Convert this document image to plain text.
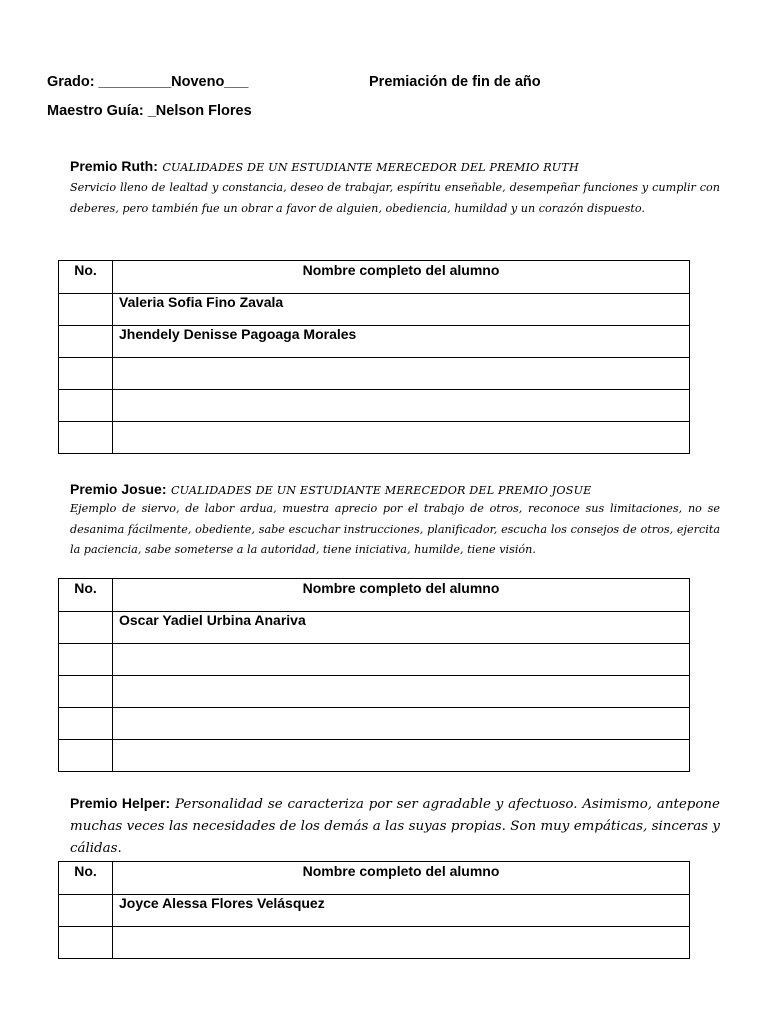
Grado: _________Noveno___	Premiación de fin de año
Maestro Guía: _Nelson Flores
Premio Ruth: CUALIDADES DE UN ESTUDIANTE MERECEDOR DEL PREMIO RUTH
Servicio lleno de lealtad y constancia, deseo de trabajar, espíritu enseñable, desempeñar funciones y cumplir con deberes, pero también fue un obrar a favor de alguien, obediencia, humildad y un corazón dispuesto.
No.	Nombre completo del alumno
	Valeria Sofia Fino Zavala
	Jhendely Denisse Pagoaga Morales

Premio Josue: CUALIDADES DE UN ESTUDIANTE MERECEDOR DEL PREMIO JOSUE
Ejemplo de siervo, de labor ardua, muestra aprecio por el trabajo de otros, reconoce sus limitaciones, no se desanima fácilmente, obediente, sabe escuchar instrucciones, planificador, escucha los consejos de otros, ejercita la paciencia, sabe someterse a la autoridad, tiene iniciativa, humilde, tiene visión.
No.	Nombre completo del alumno
	Oscar Yadiel Urbina Anariva

Premio Helper: Personalidad se caracteriza por ser agradable y afectuoso. Asimismo, antepone muchas veces las necesidades de los demás a las suyas propias. Son muy empáticas, sinceras y cálidas.
No.	Nombre completo del alumno
	Joyce Alessa Flores Velásquez
